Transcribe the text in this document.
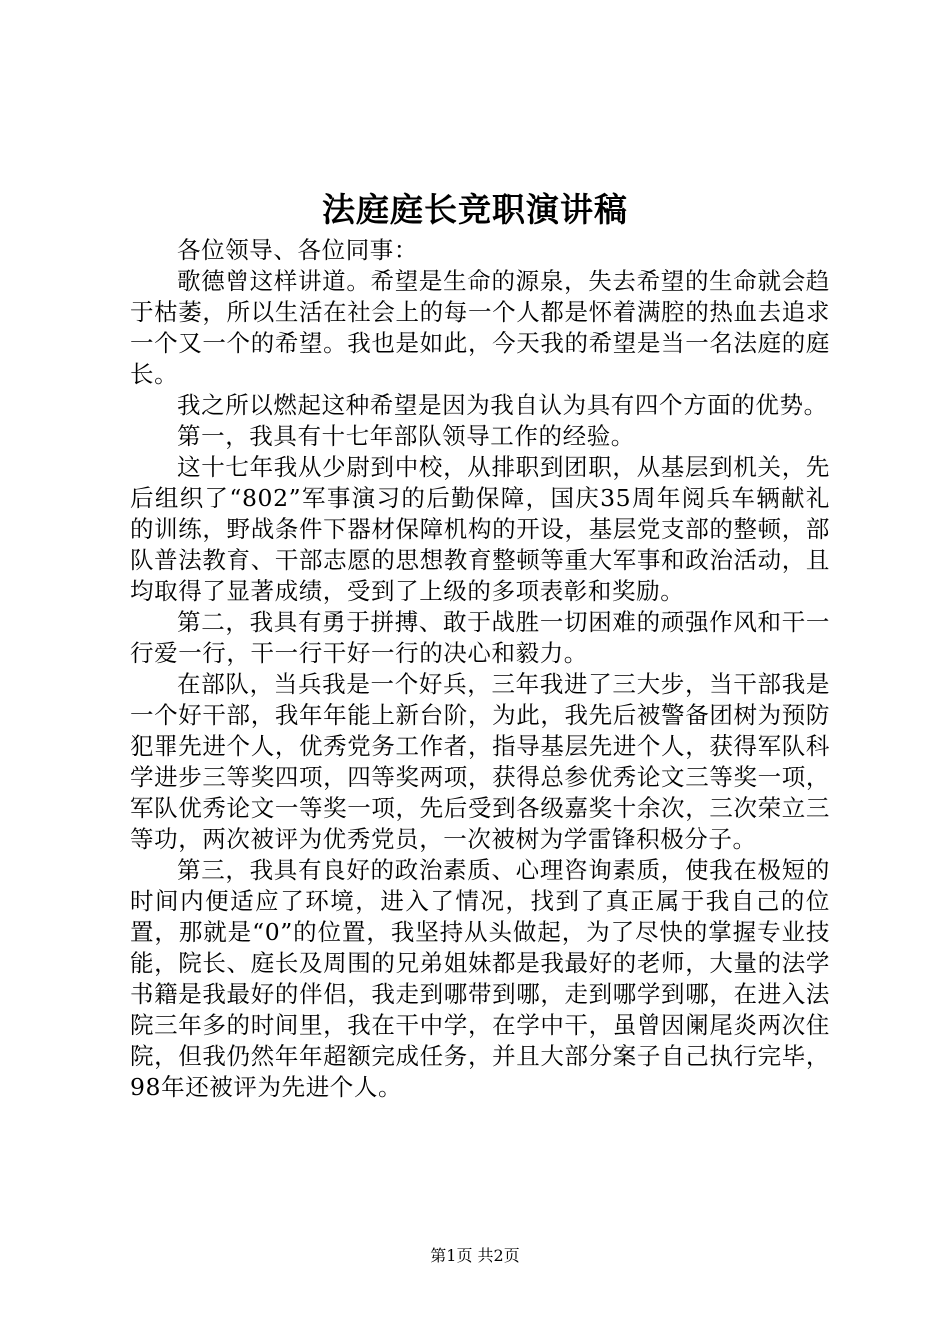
法庭庭长竞职演讲稿

各位领导、各位同事：

歌德曾这样讲道。希望是生命的源泉，失去希望的生命就会趋于枯萎，所以生活在社会上的每一个人都是怀着满腔的热血去追求一个又一个的希望。我也是如此，今天我的希望是当一名法庭的庭长。

我之所以燃起这种希望是因为我自认为具有四个方面的优势。

第一，我具有十七年部队领导工作的经验。

这十七年我从少尉到中校，从排职到团职，从基层到机关，先后组织了“802”军事演习的后勤保障，国庆35周年阅兵车辆献礼的训练，野战条件下器材保障机构的开设，基层党支部的整顿，部队普法教育、干部志愿的思想教育整顿等重大军事和政治活动，且均取得了显著成绩，受到了上级的多项表彰和奖励。

第二，我具有勇于拼搏、敢于战胜一切困难的顽强作风和干一行爱一行，干一行干好一行的决心和毅力。

在部队，当兵我是一个好兵，三年我进了三大步，当干部我是一个好干部，我年年能上新台阶，为此，我先后被警备团树为预防犯罪先进个人，优秀党务工作者，指导基层先进个人，获得军队科学进步三等奖四项，四等奖两项，获得总参优秀论文三等奖一项，军队优秀论文一等奖一项，先后受到各级嘉奖十余次，三次荣立三等功，两次被评为优秀党员，一次被树为学雷锋积极分子。

第三，我具有良好的政治素质、心理咨询素质，使我在极短的时间内便适应了环境，进入了情况，找到了真正属于我自己的位置，那就是“0”的位置，我坚持从头做起，为了尽快的掌握专业技能，院长、庭长及周围的兄弟姐妹都是我最好的老师，大量的法学书籍是我最好的伴侣，我走到哪带到哪，走到哪学到哪，在进入法院三年多的时间里，我在干中学，在学中干，虽曾因阑尾炎两次住院，但我仍然年年超额完成任务，并且大部分案子自己执行完毕，98年还被评为先进个人。

第1页 共2页
